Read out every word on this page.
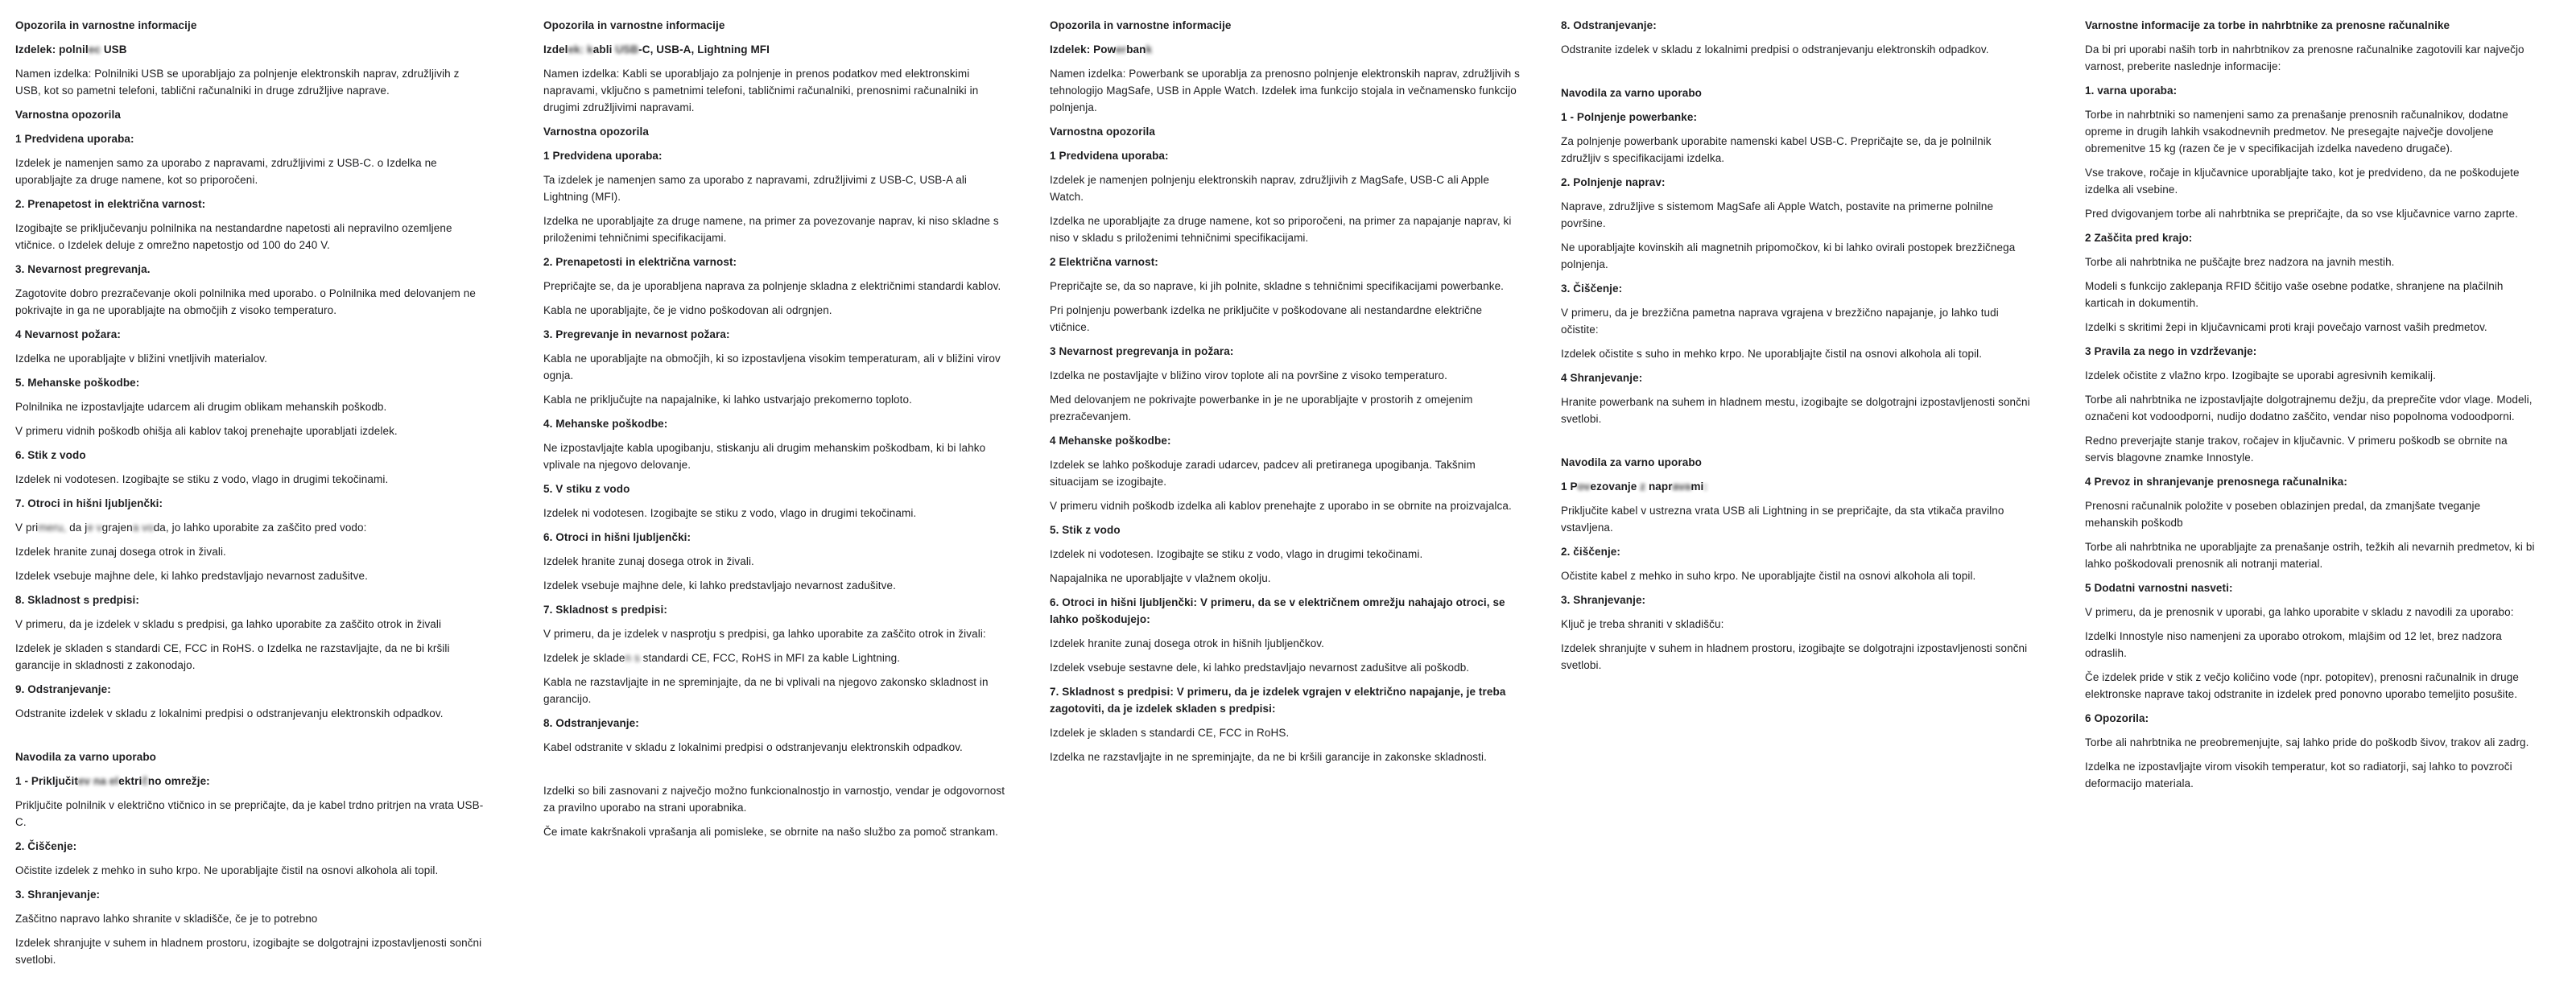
Opozorila in varnostne informacije

Izdelek: polnilec USB

Namen izdelka: Polnilniki USB se uporabljajo za polnjenje elektronskih naprav, združljivih z USB, kot so pametni telefoni, tablični računalniki in druge združljive naprave.

Varnostna opozorila

1 Predvidena uporaba:

Izdelek je namenjen samo za uporabo z napravami, združljivimi z USB-C. o Izdelka ne uporabljajte za druge namene, kot so priporočeni.

2. Prenapetost in električna varnost:

Izogibajte se priključevanju polnilnika na nestandardne napetosti ali nepravilno ozemljene vtičnice. o Izdelek deluje z omrežno napetostjo od 100 do 240 V.

3. Nevarnost pregrevanja.

Zagotovite dobro prezračevanje okoli polnilnika med uporabo. o Polnilnika med delovanjem ne pokrivajte in ga ne uporabljajte na območjih z visoko temperaturo.

4 Nevarnost požara:

Izdelka ne uporabljajte v bližini vnetljivih materialov.

5. Mehanske poškodbe:

Polnilnika ne izpostavljajte udarcem ali drugim oblikam mehanskih poškodb.

V primeru vidnih poškodb ohišja ali kablov takoj prenehajte uporabljati izdelek.

6. Stik z vodo

Izdelek ni vodotesen. Izogibajte se stiku z vodo, vlago in drugimi tekočinami.

7. Otroci in hišni ljubljenčki:

V primeru, da je vgrajena voda, jo lahko uporabite za zaščito pred vodo:

Izdelek hranite zunaj dosega otrok in živali.

Izdelek vsebuje majhne dele, ki lahko predstavljajo nevarnost zadušitve.

8. Skladnost s predpisi:

V primeru, da je izdelek v skladu s predpisi, ga lahko uporabite za zaščito otrok in živali

Izdelek je skladen s standardi CE, FCC in RoHS. o Izdelka ne razstavljajte, da ne bi kršili garancije in skladnosti z zakonodajo.

9. Odstranjevanje:

Odstranite izdelek v skladu z lokalnimi predpisi o odstranjevanju elektronskih odpadkov.

Navodila za varno uporabo

1 - Priključitev na električno omrežje:

Priključite polnilnik v električno vtičnico in se prepričajte, da je kabel trdno pritrjen na vrata USB-C.

2. Čiščenje:

Očistite izdelek z mehko in suho krpo. Ne uporabljajte čistil na osnovi alkohola ali topil.

3. Shranjevanje:

Zaščitno napravo lahko shranite v skladišče, če je to potrebno

Izdelek shranjujte v suhem in hladnem prostoru, izogibajte se dolgotrajni izpostavljenosti sončni svetlobi.

Opozorila in varnostne informacije

Izdelek: kabli USB-C, USB-A, Lightning MFI

Namen izdelka: Kabli se uporabljajo za polnjenje in prenos podatkov med elektronskimi napravami, vključno s pametnimi telefoni, tabličnimi računalniki, prenosnimi računalniki in drugimi združljivimi napravami.

Varnostna opozorila

1 Predvidena uporaba:

Ta izdelek je namenjen samo za uporabo z napravami, združljivimi z USB-C, USB-A ali Lightning (MFI).

Izdelka ne uporabljajte za druge namene, na primer za povezovanje naprav, ki niso skladne s priloženimi tehničnimi specifikacijami.

2. Prenapetosti in električna varnost:

Prepričajte se, da je uporabljena naprava za polnjenje skladna z električnimi standardi kablov.

Kabla ne uporabljajte, če je vidno poškodovan ali odrgnjen.

3. Pregrevanje in nevarnost požara:

Kabla ne uporabljajte na območjih, ki so izpostavljena visokim temperaturam, ali v bližini virov ognja.

Kabla ne priključujte na napajalnike, ki lahko ustvarjajo prekomerno toploto.

4. Mehanske poškodbe:

Ne izpostavljajte kabla upogibanju, stiskanju ali drugim mehanskim poškodbam, ki bi lahko vplivale na njegovo delovanje.

5. V stiku z vodo

Izdelek ni vodotesen. Izogibajte se stiku z vodo, vlago in drugimi tekočinami.

6. Otroci in hišni ljubljenčki:

Izdelek hranite zunaj dosega otrok in živali.

Izdelek vsebuje majhne dele, ki lahko predstavljajo nevarnost zadušitve.

7. Skladnost s predpisi:

V primeru, da je izdelek v nasprotju s predpisi, ga lahko uporabite za zaščito otrok in živali:

Izdelek je skladen s standardi CE, FCC, RoHS in MFI za kable Lightning.

Kabla ne razstavljajte in ne spreminjajte, da ne bi vplivali na njegovo zakonsko skladnost in garancijo.

8. Odstranjevanje:

Kabel odstranite v skladu z lokalnimi predpisi o odstranjevanju elektronskih odpadkov.

Izdelki so bili zasnovani z največjo možno funkcionalnostjo in varnostjo, vendar je odgovornost za pravilno uporabo na strani uporabnika.

Če imate kakršnakoli vprašanja ali pomisleke, se obrnite na našo službo za pomoč strankam.

Opozorila in varnostne informacije

Izdelek: Powerbank

Namen izdelka: Powerbank se uporablja za prenosno polnjenje elektronskih naprav, združljivih s tehnologijo MagSafe, USB in Apple Watch. Izdelek ima funkcijo stojala in večnamensko funkcijo polnjenja.

Varnostna opozorila

1 Predvidena uporaba:

Izdelek je namenjen polnjenju elektronskih naprav, združljivih z MagSafe, USB-C ali Apple Watch.

Izdelka ne uporabljajte za druge namene, kot so priporočeni, na primer za napajanje naprav, ki niso v skladu s priloženimi tehničnimi specifikacijami.

2 Električna varnost:

Prepričajte se, da so naprave, ki jih polnite, skladne s tehničnimi specifikacijami powerbanke.

Pri polnjenju powerbank izdelka ne priključite v poškodovane ali nestandardne električne vtičnice.

3 Nevarnost pregrevanja in požara:

Izdelka ne postavljajte v bližino virov toplote ali na površine z visoko temperaturo.

Med delovanjem ne pokrivajte powerbanke in je ne uporabljajte v prostorih z omejenim prezračevanjem.

4 Mehanske poškodbe:

Izdelek se lahko poškoduje zaradi udarcev, padcev ali pretiranega upogibanja. Takšnim situacijam se izogibajte.

V primeru vidnih poškodb izdelka ali kablov prenehajte z uporabo in se obrnite na proizvajalca.

5. Stik z vodo

Izdelek ni vodotesen. Izogibajte se stiku z vodo, vlago in drugimi tekočinami.

Napajalnika ne uporabljajte v vlažnem okolju.

6. Otroci in hišni ljubljenčki: V primeru, da se v električnem omrežju nahajajo otroci, se lahko poškodujejo:

Izdelek hranite zunaj dosega otrok in hišnih ljubljenčkov.

Izdelek vsebuje sestavne dele, ki lahko predstavljajo nevarnost zadušitve ali poškodb.

7. Skladnost s predpisi: V primeru, da je izdelek vgrajen v električno napajanje, je treba zagotoviti, da je izdelek skladen s predpisi:

Izdelek je skladen s standardi CE, FCC in RoHS.

Izdelka ne razstavljajte in ne spreminjajte, da ne bi kršili garancije in zakonske skladnosti.

8. Odstranjevanje:

Odstranite izdelek v skladu z lokalnimi predpisi o odstranjevanju elektronskih odpadkov.

Navodila za varno uporabo

1 - Polnjenje powerbanke:

Za polnjenje powerbank uporabite namenski kabel USB-C. Prepričajte se, da je polnilnik združljiv s specifikacijami izdelka.

2. Polnjenje naprav:

Naprave, združljive s sistemom MagSafe ali Apple Watch, postavite na primerne polnilne površine.

Ne uporabljajte kovinskih ali magnetnih pripomočkov, ki bi lahko ovirali postopek brezžičnega polnjenja.

3. Čiščenje:

V primeru, da je brezžična pametna naprava vgrajena v brezžično napajanje, jo lahko tudi očistite:

Izdelek očistite s suho in mehko krpo. Ne uporabljajte čistil na osnovi alkohola ali topil.

4 Shranjevanje:

Hranite powerbank na suhem in hladnem mestu, izogibajte se dolgotrajni izpostavljenosti sončni svetlobi.

Navodila za varno uporabo

1 Povezovanje z napravami:

Priključite kabel v ustrezna vrata USB ali Lightning in se prepričajte, da sta vtikača pravilno vstavljena.

2. čiščenje:

Očistite kabel z mehko in suho krpo. Ne uporabljajte čistil na osnovi alkohola ali topil.

3. Shranjevanje:

Ključ je treba shraniti v skladišču:

Izdelek shranjujte v suhem in hladnem prostoru, izogibajte se dolgotrajni izpostavljenosti sončni svetlobi.

Varnostne informacije za torbe in nahrbtnike za prenosne računalnike

Da bi pri uporabi naših torb in nahrbtnikov za prenosne računalnike zagotovili kar največjo varnost, preberite naslednje informacije:

1. varna uporaba:

Torbe in nahrbtniki so namenjeni samo za prenašanje prenosnih računalnikov, dodatne opreme in drugih lahkih vsakodnevnih predmetov. Ne presegajte največje dovoljene obremenitve 15 kg (razen če je v specifikacijah izdelka navedeno drugače).

Vse trakove, ročaje in ključavnice uporabljajte tako, kot je predvideno, da ne poškodujete izdelka ali vsebine.

Pred dvigovanjem torbe ali nahrbtnika se prepričajte, da so vse ključavnice varno zaprte.

2 Zaščita pred krajo:

Torbe ali nahrbtnika ne puščajte brez nadzora na javnih mestih.

Modeli s funkcijo zaklepanja RFID ščitijo vaše osebne podatke, shranjene na plačilnih karticah in dokumentih.

Izdelki s skritimi žepi in ključavnicami proti kraji povečajo varnost vaših predmetov.

3 Pravila za nego in vzdrževanje:

Izdelek očistite z vlažno krpo. Izogibajte se uporabi agresivnih kemikalij.

Torbe ali nahrbtnika ne izpostavljajte dolgotrajnemu dežju, da preprečite vdor vlage. Modeli, označeni kot vodoodporni, nudijo dodatno zaščito, vendar niso popolnoma vodoodporni.

Redno preverjajte stanje trakov, ročajev in ključavnic. V primeru poškodb se obrnite na servis blagovne znamke Innostyle.

4 Prevoz in shranjevanje prenosnega računalnika:

Prenosni računalnik položite v poseben oblazinjen predal, da zmanjšate tveganje mehanskih poškodb

Torbe ali nahrbtnika ne uporabljajte za prenašanje ostrih, težkih ali nevarnih predmetov, ki bi lahko poškodovali prenosnik ali notranji material.

5 Dodatni varnostni nasveti:

V primeru, da je prenosnik v uporabi, ga lahko uporabite v skladu z navodili za uporabo:

Izdelki Innostyle niso namenjeni za uporabo otrokom, mlajšim od 12 let, brez nadzora odraslih.

Če izdelek pride v stik z večjo količino vode (npr. potopitev), prenosni računalnik in druge elektronske naprave takoj odstranite in izdelek pred ponovno uporabo temeljito posušite.

6 Opozorila:

Torbe ali nahrbtnika ne preobremenjujte, saj lahko pride do poškodb šivov, trakov ali zadrg.

Izdelka ne izpostavljajte virom visokih temperatur, kot so radiatorji, saj lahko to povzroči deformacijo materiala.
